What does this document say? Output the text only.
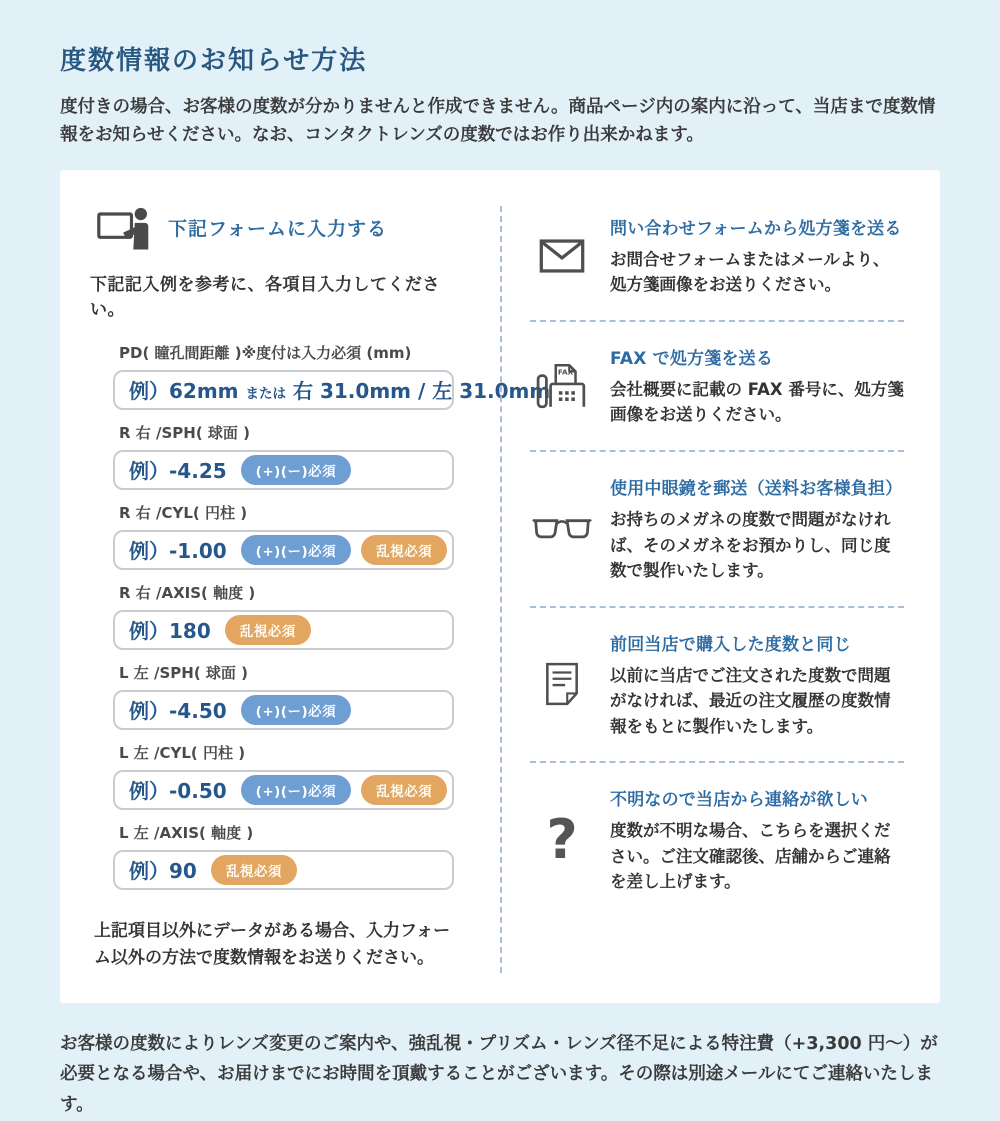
度数情報のお知らせ方法

度付きの場合、お客様の度数が分かりませんと作成できません。商品ページ内の案内に沿って、当店まで度数情報をお知らせください。なお、コンタクトレンズの度数ではお作り出来かねます。

下記フォームに入力する
下記記入例を参考に、各項目入力してください。
PD( 瞳孔間距離 )※度付は入力必須 (mm)
例）62mm または 右 31.0mm / 左 31.0mm
R 右 /SPH( 球面 )
例）-4.25	(+)(ー)必須
R 右 /CYL( 円柱 )
例）-1.00	(+)(ー)必須	乱視必須
R 右 /AXIS( 軸度 )
例）180	乱視必須
L 左 /SPH( 球面 )
例）-4.50	(+)(ー)必須
L 左 /CYL( 円柱 )
例）-0.50	(+)(ー)必須	乱視必須
L 左 /AXIS( 軸度 )
例）90	乱視必須
上記項目以外にデータがある場合、入力フォーム以外の方法で度数情報をお送りください。
問い合わせフォームから処方箋を送る
お問合せフォームまたはメールより、処方箋画像をお送りください。
FAX
FAX で処方箋を送る
会社概要に記載の FAX 番号に、処方箋画像をお送りください。
使用中眼鏡を郵送（送料お客様負担）
お持ちのメガネの度数で問題がなければ、そのメガネをお預かりし、同じ度数で製作いたします。
前回当店で購入した度数と同じ
以前に当店でご注文された度数で問題がなければ、最近の注文履歴の度数情報をもとに製作いたします。
?
不明なので当店から連絡が欲しい
度数が不明な場合、こちらを選択ください。ご注文確認後、店舗からご連絡を差し上げます。

お客様の度数によりレンズ変更のご案内や、強乱視・プリズム・レンズ径不足による特注費（+3,300 円〜）が必要となる場合や、お届けまでにお時間を頂戴することがございます。その際は別途メールにてご連絡いたします。
